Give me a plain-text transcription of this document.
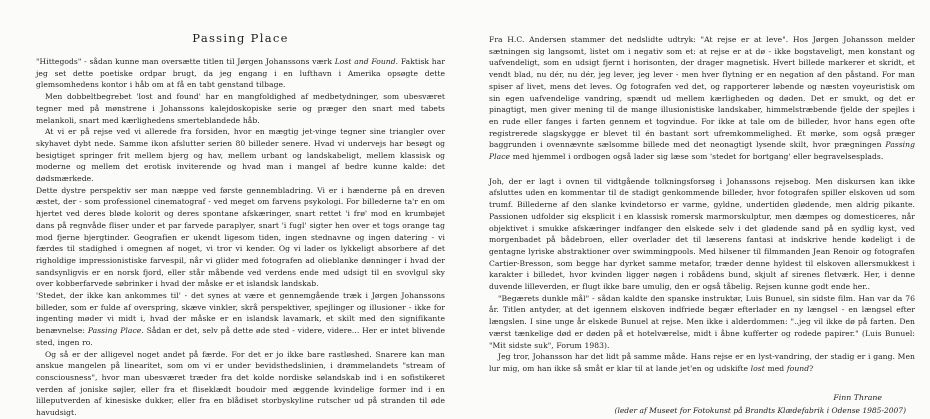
Passing Place

"Hittegods" - sådan kunne man oversætte titlen til Jørgen Johanssons værk Lost and Found. Faktisk har jeg set dette poetiske ordpar brugt, da jeg engang i en lufthavn i Amerika opsøgte dette glemsomhedens kontor i håb om at få en tabt genstand tilbage.

Men dobbeltbegrebet 'lost and found' har en mangfoldighed af medbetydninger, som ubesværet tegner med på mønstrene i Johanssons kalejdoskopiske serie og præger den snart med tabets melankoli, snart med kærlighedens smerteblandede håb.

At vi er på rejse ved vi allerede fra forsiden, hvor en mægtig jet-vinge tegner sine triangler over skyhavet dybt nede. Samme ikon afslutter serien 80 billeder senere. Hvad vi undervejs har besøgt og besigtiget springer frit mellem bjerg og hav, mellem urbant og landskabeligt, mellem klassisk og moderne og mellem det erotisk inviterende og hvad man i mangel af bedre kunne kalde: det dødsmærkede.

Dette dystre perspektiv ser man næppe ved første gennembladring. Vi er i hænderne på en dreven æstet, der - som professionel cinematograf - ved meget om farvens psykologi. For billederne ta'r en om hjertet ved deres bløde kolorit og deres spontane afskæringer, snart rettet 'i frø' mod en krumbøjet dans på regnvåde fliser under et par farvede paraplyer, snart 'i fugl' sigter hen over et togs orange tag mod fjerne bjergtinder. Geografien er ukendt ligesom tiden, ingen stednavne og ingen datering - vi færdes til stadighed i omegnen af noget, vi tror vi kender. Og vi lader os lykkeligt absorbere af det righoldige impressionistiske farvespil, når vi glider med fotografen ad olieblanke dønninger i hvad der sandsynligvis er en norsk fjord, eller står måbende ved verdens ende med udsigt til en svovlgul sky over kobberfarvede søbrinker i hvad der måske er et islandsk landskab.

'Stedet, der ikke kan ankommes til' - det synes at være et gennemgående træk i Jørgen Johanssons billeder, som er fulde af overspring, skæve vinkler, skrå perspektiver, spejlinger og illusioner - ikke for ingenting møder vi midt i, hvad der måske er en islandsk lavamark, et skilt med den signifikante benævnelse: Passing Place. Sådan er det, selv på dette øde sted - videre, videre... Her er intet blivende sted, ingen ro.

Og så er der alligevel noget andet på færde. For det er jo ikke bare rastløshed. Snarere kan man anskue mangelen på linearitet, som om vi er under bevidsthedslinien, i drømmelandets "stream of consciousness", hvor man ubesværet træder fra det kolde nordiske sølandskab ind i en sofistikeret verden af joniske søjler, eller fra et fliseklædt boudoir med æggende kvindelige former ind i en lilleputverden af kinesiske dukker, eller fra en blådiset storbyskyline rutscher ud på stranden til øde havudsigt.

Fra H.C. Andersen stammer det nedslidte udtryk: "At rejse er at leve". Hos Jørgen Johansson melder sætningen sig langsomt, listet om i negativ som et: at rejse er at dø - ikke bogstaveligt, men konstant og uafvendeligt, som en udsigt fjernt i horisonten, der drager magnetisk. Hvert billede markerer et skridt, et vendt blad, nu dér, nu dér, jeg lever, jeg lever - men hver flytning er en negation af den påstand. For man spiser af livet, mens det leves. Og fotografen ved det, og rapporterer løbende og næsten voyeuristisk om sin egen uafvendelige vandring, spændt ud mellem kærligheden og døden. Det er smukt, og det er pinagtigt, men giver mening til de mange illusionistiske landskaber, himmelstræbende fjelde der spejles i en rude eller fanges i farten gennem et togvindue. For ikke at tale om de billeder, hvor hans egen ofte registrerede slagskygge er blevet til én bastant sort ufremkommelighed. Et mørke, som også præger baggrunden i ovennævnte sælsomme billede med det neonagtigt lysende skilt, hvor prægningen Passing Place med hjemmel i ordbogen også lader sig læse som 'stedet for bortgang' eller begravelsesplads.

Joh, der er lagt i ovnen til vidtgående tolkningsforsøg i Johanssons rejsebog. Men diskursen kan ikke afsluttes uden en kommentar til de stadigt genkommende billeder, hvor fotografen spiller elskoven ud som trumf. Billederne af den slanke kvindetorso er varme, gyldne, undertiden glødende, men aldrig pikante. Passionen udfolder sig eksplicit i en klassisk romersk marmorskulptur, men dæmpes og domesticeres, når objektivet i smukke afskæringer indfanger den elskede selv i det glødende sand på en sydlig kyst, ved morgenbadet på bådebroen, eller overlader det til læserens fantasi at indskrive hende kødeligt i de gentagne lyriske abstraktioner over swimmingpools. Med hilsener til filmmanden Jean Renoir og fotografen Cartier-Bresson, som begge har dyrket samme metafor, træder denne hyldest til elskoven allersmukkest i karakter i billedet, hvor kvinden ligger nøgen i robådens bund, skjult af sirenes fletværk. Her, i denne duvende lilleverden, er flugt ikke bare umulig, den er også tåbelig. Rejsen kunne godt ende her..

"Begærets dunkle mål" - sådan kaldte den spanske instruktør, Luis Bunuel, sin sidste film. Han var da 76 år. Titlen antyder, at det igennem elskoven indfriede begær efterlader en ny længsel - en længsel efter længslen. I sine unge år elskede Bunuel at rejse. Men ikke i alderdommen: "..jeg vil ikke dø på farten. Den værst tænkelige død er døden på et hotelværelse, midt i åbne kufferter og rodede papirer." (Luis Bunuel: "Mit sidste suk", Forum 1983).

Jeg tror, Johansson har det lidt på samme måde. Hans rejse er en lyst-vandring, der stadig er i gang. Men lur mig, om han ikke så småt er klar til at lande jet'en og udskifte lost med found?

Finn Thrane
(leder af Museet for Fotokunst på Brandts Klædefabrik i Odense 1985-2007)
